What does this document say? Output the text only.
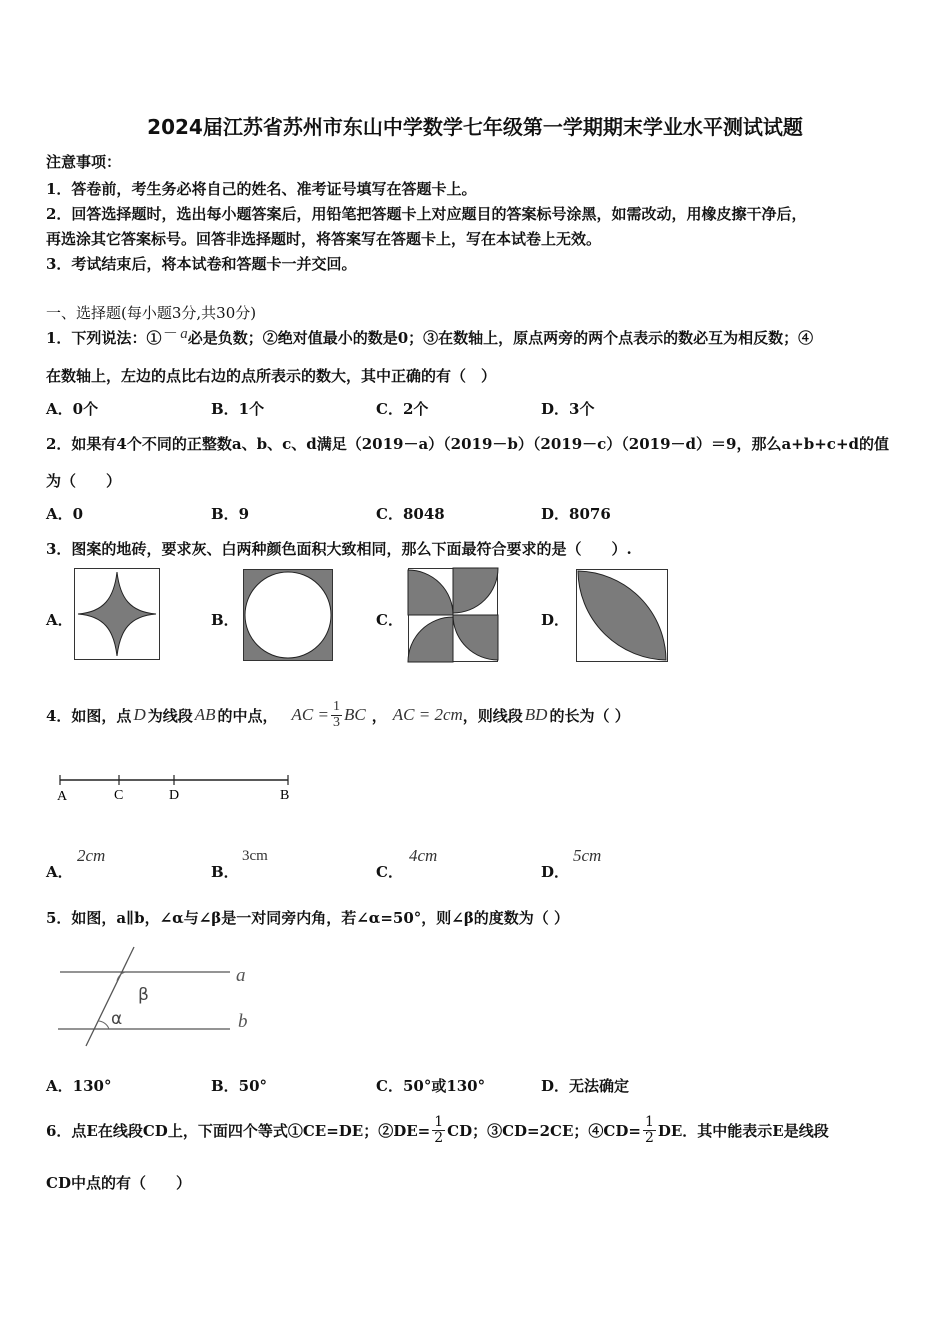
2024届江苏省苏州市东山中学数学七年级第一学期期末学业水平测试试题
注意事项：
1．答卷前，考生务必将自己的姓名、准考证号填写在答题卡上。
2．回答选择题时，选出每小题答案后，用铅笔把答题卡上对应题目的答案标号涂黑，如需改动，用橡皮擦干净后，
再选涂其它答案标号。回答非选择题时，将答案写在答题卡上，写在本试卷上无效。
3．考试结束后，将本试卷和答题卡一并交回。
一、选择题(每小题3分,共30分)
1．下列说法：①－ a必是负数；②绝对值最小的数是0；③在数轴上，原点两旁的两个点表示的数必互为相反数；④
在数轴上，左边的点比右边的点所表示的数大，其中正确的有（　）
A．0个	B．1个	C．2个	D．3个
2．如果有4个不同的正整数a、b、c、d满足（2019－a）（2019－b）（2019－c）（2019－d）＝9，那么a+b+c+d的值
为（　　）
A．0	B．9	C．8048	D．8076
3．图案的地砖，要求灰、白两种颜色面积大致相同，那么下面最符合要求的是（　　）.
A．	B．	C．	D．
4．如图，点 D 为线段 AB 的中点， AC = $\frac{1}{3}$ BC ， AC = 2cm ，则线段 BD 的长为（ ）
A	C	D	B
A．
2cm
B．
3cm
C．
4cm
D．
5cm
5．如图，a∥b，∠α与∠β是一对同旁内角，若∠α=50°，则∠β的度数为（ ）
β
α
a
b
A．130°	B．50°	C．50°或130°	D．无法确定
6．点E在线段CD上，下面四个等式①CE=DE；②DE= $\frac{1}{2}$ CD；③CD=2CE；④CD= $\frac{1}{2}$ DE．其中能表示E是线段
CD中点的有（　　）
